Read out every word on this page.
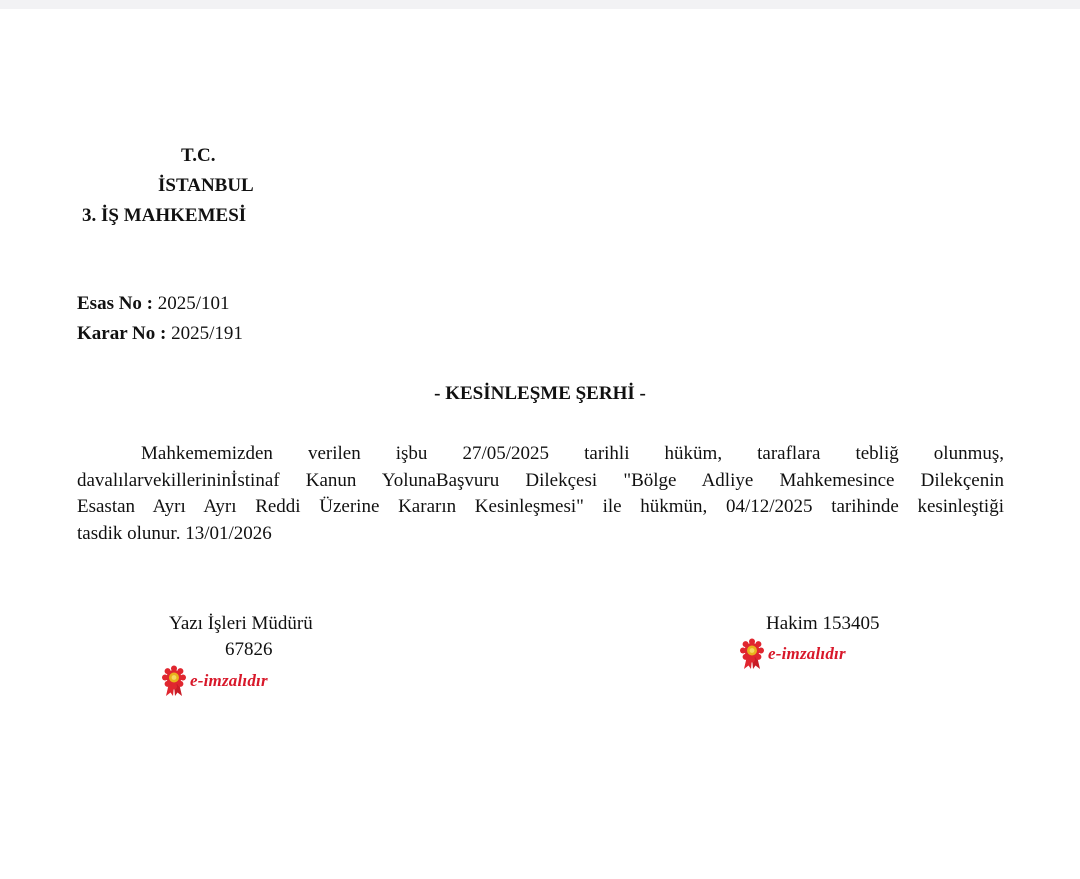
T.C.
İSTANBUL
3. İŞ MAHKEMESİ
Esas No : 2025/101
Karar No : 2025/191
- KESİNLEŞME ŞERHİ -
Mahkememizden verilen işbu 27/05/2025 tarihli hüküm, taraflara tebliğ olunmuş,
davalılarvekillerininİstinaf Kanun YolunaBaşvuru Dilekçesi "Bölge Adliye Mahkemesince Dilekçenin
Esastan Ayrı Ayrı Reddi Üzerine Kararın Kesinleşmesi" ile hükmün, 04/12/2025 tarihinde kesinleştiği
tasdik olunur. 13/01/2026
Yazı İşleri Müdürü
67826
e-imzalıdır
Hakim 153405
e-imzalıdır
